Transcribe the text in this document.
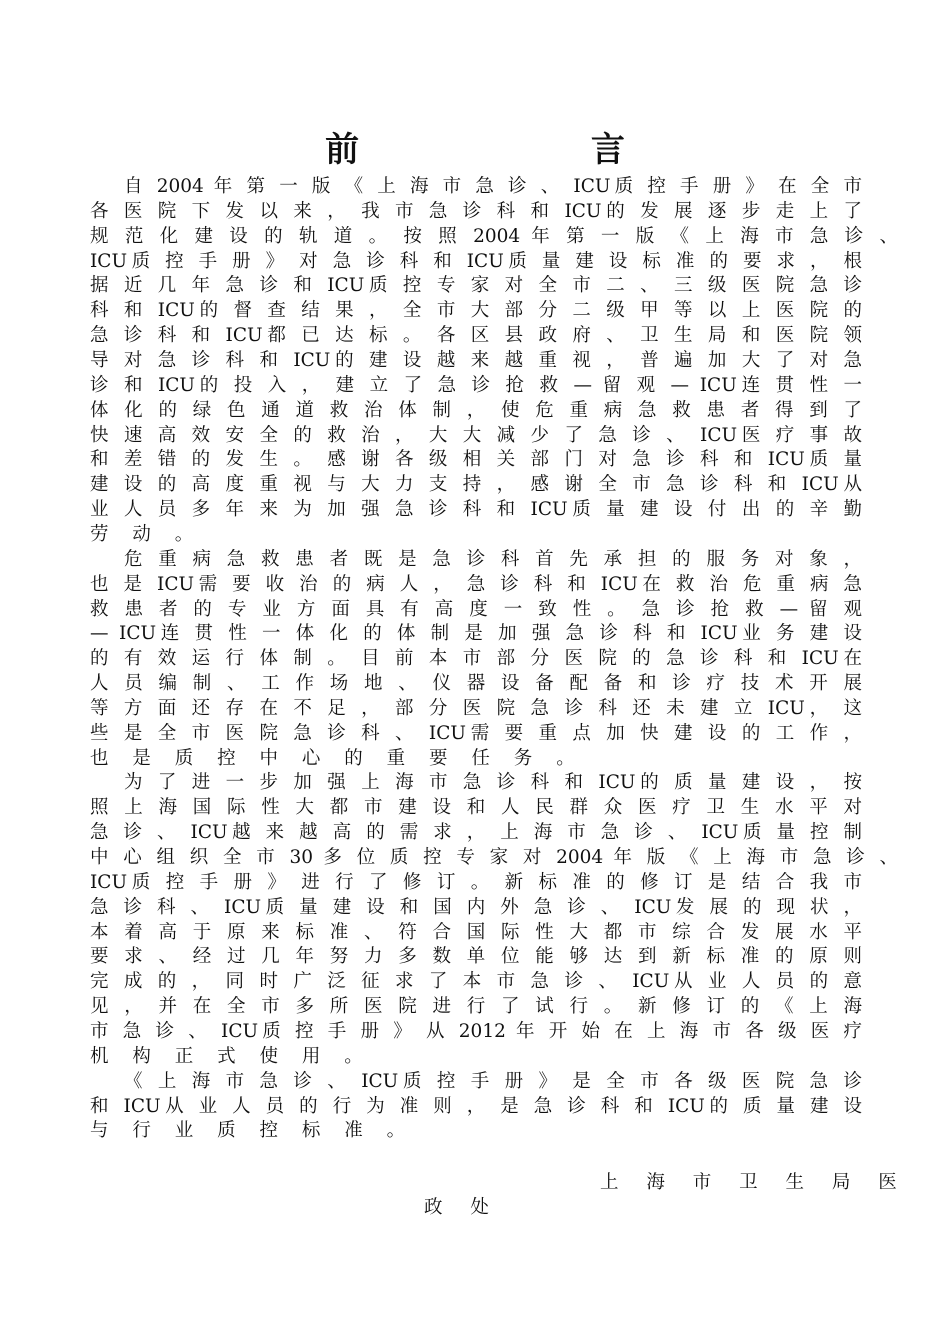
前 言
自 2004 年 第 一 版 《 上 海 市 急 诊 、 ICU质 控 手 册 》 在 全 市
各 医 院 下 发 以 来 ， 我 市 急 诊 科 和 ICU的 发 展 逐 步 走 上 了
规 范 化 建 设 的 轨 道 。 按 照 2004 年 第 一 版 《 上 海 市 急 诊 、
ICU质 控 手 册 》 对 急 诊 科 和 ICU质 量 建 设 标 准 的 要 求 ， 根
据 近 几 年 急 诊 和 ICU质 控 专 家 对 全 市 二 、 三 级 医 院 急 诊
科 和 ICU的 督 查 结 果 ， 全 市 大 部 分 二 级 甲 等 以 上 医 院 的
急 诊 科 和 ICU都 已 达 标 。 各 区 县 政 府 、 卫 生 局 和 医 院 领
导 对 急 诊 科 和 ICU的 建 设 越 来 越 重 视 ， 普 遍 加 大 了 对 急
诊 和 ICU的 投 入 ， 建 立 了 急 诊 抢 救 — 留 观 — ICU连 贯 性 一
体 化 的 绿 色 通 道 救 治 体 制 ， 使 危 重 病 急 救 患 者 得 到 了
快 速 高 效 安 全 的 救 治 ， 大 大 减 少 了 急 诊 、 ICU医 疗 事 故
和 差 错 的 发 生 。 感 谢 各 级 相 关 部 门 对 急 诊 科 和 ICU质 量
建 设 的 高 度 重 视 与 大 力 支 持 ， 感 谢 全 市 急 诊 科 和 ICU从
业 人 员 多 年 来 为 加 强 急 诊 科 和 ICU质 量 建 设 付 出 的 辛 勤
劳 动 。
危 重 病 急 救 患 者 既 是 急 诊 科 首 先 承 担 的 服 务 对 象 ，
也 是 ICU需 要 收 治 的 病 人 ， 急 诊 科 和 ICU在 救 治 危 重 病 急
救 患 者 的 专 业 方 面 具 有 高 度 一 致 性 。 急 诊 抢 救 — 留 观
— ICU连 贯 性 一 体 化 的 体 制 是 加 强 急 诊 科 和 ICU业 务 建 设
的 有 效 运 行 体 制 。 目 前 本 市 部 分 医 院 的 急 诊 科 和 ICU在
人 员 编 制 、 工 作 场 地 、 仪 器 设 备 配 备 和 诊 疗 技 术 开 展
等 方 面 还 存 在 不 足 ， 部 分 医 院 急 诊 科 还 未 建 立 ICU， 这
些 是 全 市 医 院 急 诊 科 、 ICU需 要 重 点 加 快 建 设 的 工 作 ，
也 是 质 控 中 心 的 重 要 任 务 。
为 了 进 一 步 加 强 上 海 市 急 诊 科 和 ICU的 质 量 建 设 ， 按
照 上 海 国 际 性 大 都 市 建 设 和 人 民 群 众 医 疗 卫 生 水 平 对
急 诊 、 ICU越 来 越 高 的 需 求 ， 上 海 市 急 诊 、 ICU质 量 控 制
中 心 组 织 全 市 30 多 位 质 控 专 家 对 2004 年 版 《 上 海 市 急 诊 、
ICU质 控 手 册 》 进 行 了 修 订 。 新 标 准 的 修 订 是 结 合 我 市
急 诊 科 、 ICU质 量 建 设 和 国 内 外 急 诊 、 ICU发 展 的 现 状 ，
本 着 高 于 原 来 标 准 、 符 合 国 际 性 大 都 市 综 合 发 展 水 平
要 求 、 经 过 几 年 努 力 多 数 单 位 能 够 达 到 新 标 准 的 原 则
完 成 的 ， 同 时 广 泛 征 求 了 本 市 急 诊 、 ICU从 业 人 员 的 意
见 ， 并 在 全 市 多 所 医 院 进 行 了 试 行 。 新 修 订 的 《 上 海
市 急 诊 、 ICU质 控 手 册 》 从 2012 年 开 始 在 上 海 市 各 级 医 疗
机 构 正 式 使 用 。
《 上 海 市 急 诊 、 ICU质 控 手 册 》 是 全 市 各 级 医 院 急 诊
和 ICU从 业 人 员 的 行 为 准 则 ， 是 急 诊 科 和 ICU的 质 量 建 设
与 行 业 质 控 标 准 。
上 海 市 卫 生 局 医
政 处
